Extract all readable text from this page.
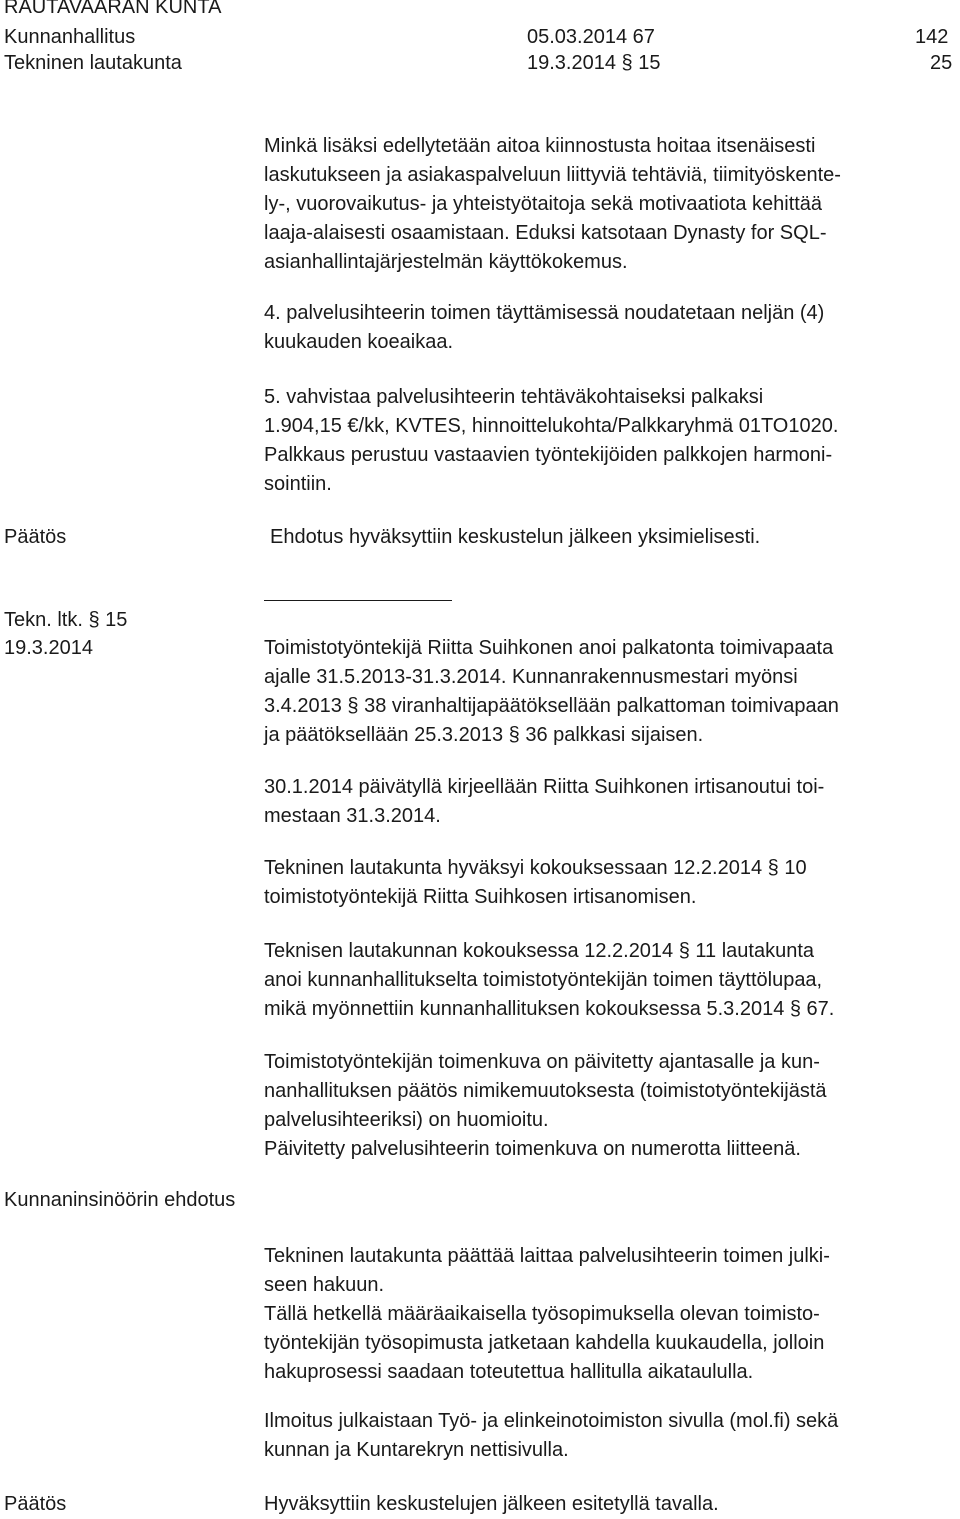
RAUTAVAARAN KUNTA
Kunnanhallitus	05.03.2014 67	142
Tekninen lautakunta	19.3.2014 § 15	25
Minkä lisäksi edellytetään aitoa kiinnostusta hoitaa itsenäisesti
laskutukseen ja asiakaspalveluun liittyviä tehtäviä, tiimityöskente-
ly-, vuorovaikutus- ja yhteistyötaitoja sekä motivaatiota kehittää
laaja-alaisesti osaamistaan. Eduksi katsotaan Dynasty for SQL-
asianhallintajärjestelmän käyttökokemus.
4. palvelusihteerin toimen täyttämisessä noudatetaan neljän (4)
kuukauden koeaikaa.
5. vahvistaa palvelusihteerin tehtäväkohtaiseksi palkaksi
1.904,15 €/kk, KVTES, hinnoittelukohta/Palkkaryhmä 01TO1020.
Palkkaus perustuu vastaavien työntekijöiden palkkojen harmoni-
sointiin.
Päätös	Ehdotus hyväksyttiin keskustelun jälkeen yksimielisesti.
Tekn. ltk. § 15
19.3.2014	Toimistotyöntekijä Riitta Suihkonen anoi palkatonta toimivapaata
ajalle 31.5.2013-31.3.2014. Kunnanrakennusmestari myönsi
3.4.2013 § 38 viranhaltijapäätöksellään palkattoman toimivapaan
ja päätöksellään 25.3.2013 § 36 palkkasi sijaisen.
30.1.2014 päivätyllä kirjeellään Riitta Suihkonen irtisanoutui toi-
mestaan 31.3.2014.
Tekninen lautakunta hyväksyi kokouksessaan 12.2.2014 § 10
toimistotyöntekijä Riitta Suihkosen irtisanomisen.
Teknisen lautakunnan kokouksessa 12.2.2014 § 11 lautakunta
anoi kunnanhallitukselta toimistotyöntekijän toimen täyttölupaa,
mikä myönnettiin kunnanhallituksen kokouksessa 5.3.2014 § 67.
Toimistotyöntekijän toimenkuva on päivitetty ajantasalle ja kun-
nanhallituksen päätös nimikemuutoksesta (toimistotyöntekijästä
palvelusihteeriksi) on huomioitu.
Päivitetty palvelusihteerin toimenkuva on numerotta liitteenä.
Kunnaninsinöörin ehdotus
Tekninen lautakunta päättää laittaa palvelusihteerin toimen julki-
seen hakuun.
Tällä hetkellä määräaikaisella työsopimuksella olevan toimisto-
työntekijän työsopimusta jatketaan kahdella kuukaudella, jolloin
hakuprosessi saadaan toteutettua hallitulla aikataululla.
Ilmoitus julkaistaan Työ- ja elinkeinotoimiston sivulla (mol.fi) sekä
kunnan ja Kuntarekryn nettisivulla.
Päätös	Hyväksyttiin keskustelujen jälkeen esitetyllä tavalla.
